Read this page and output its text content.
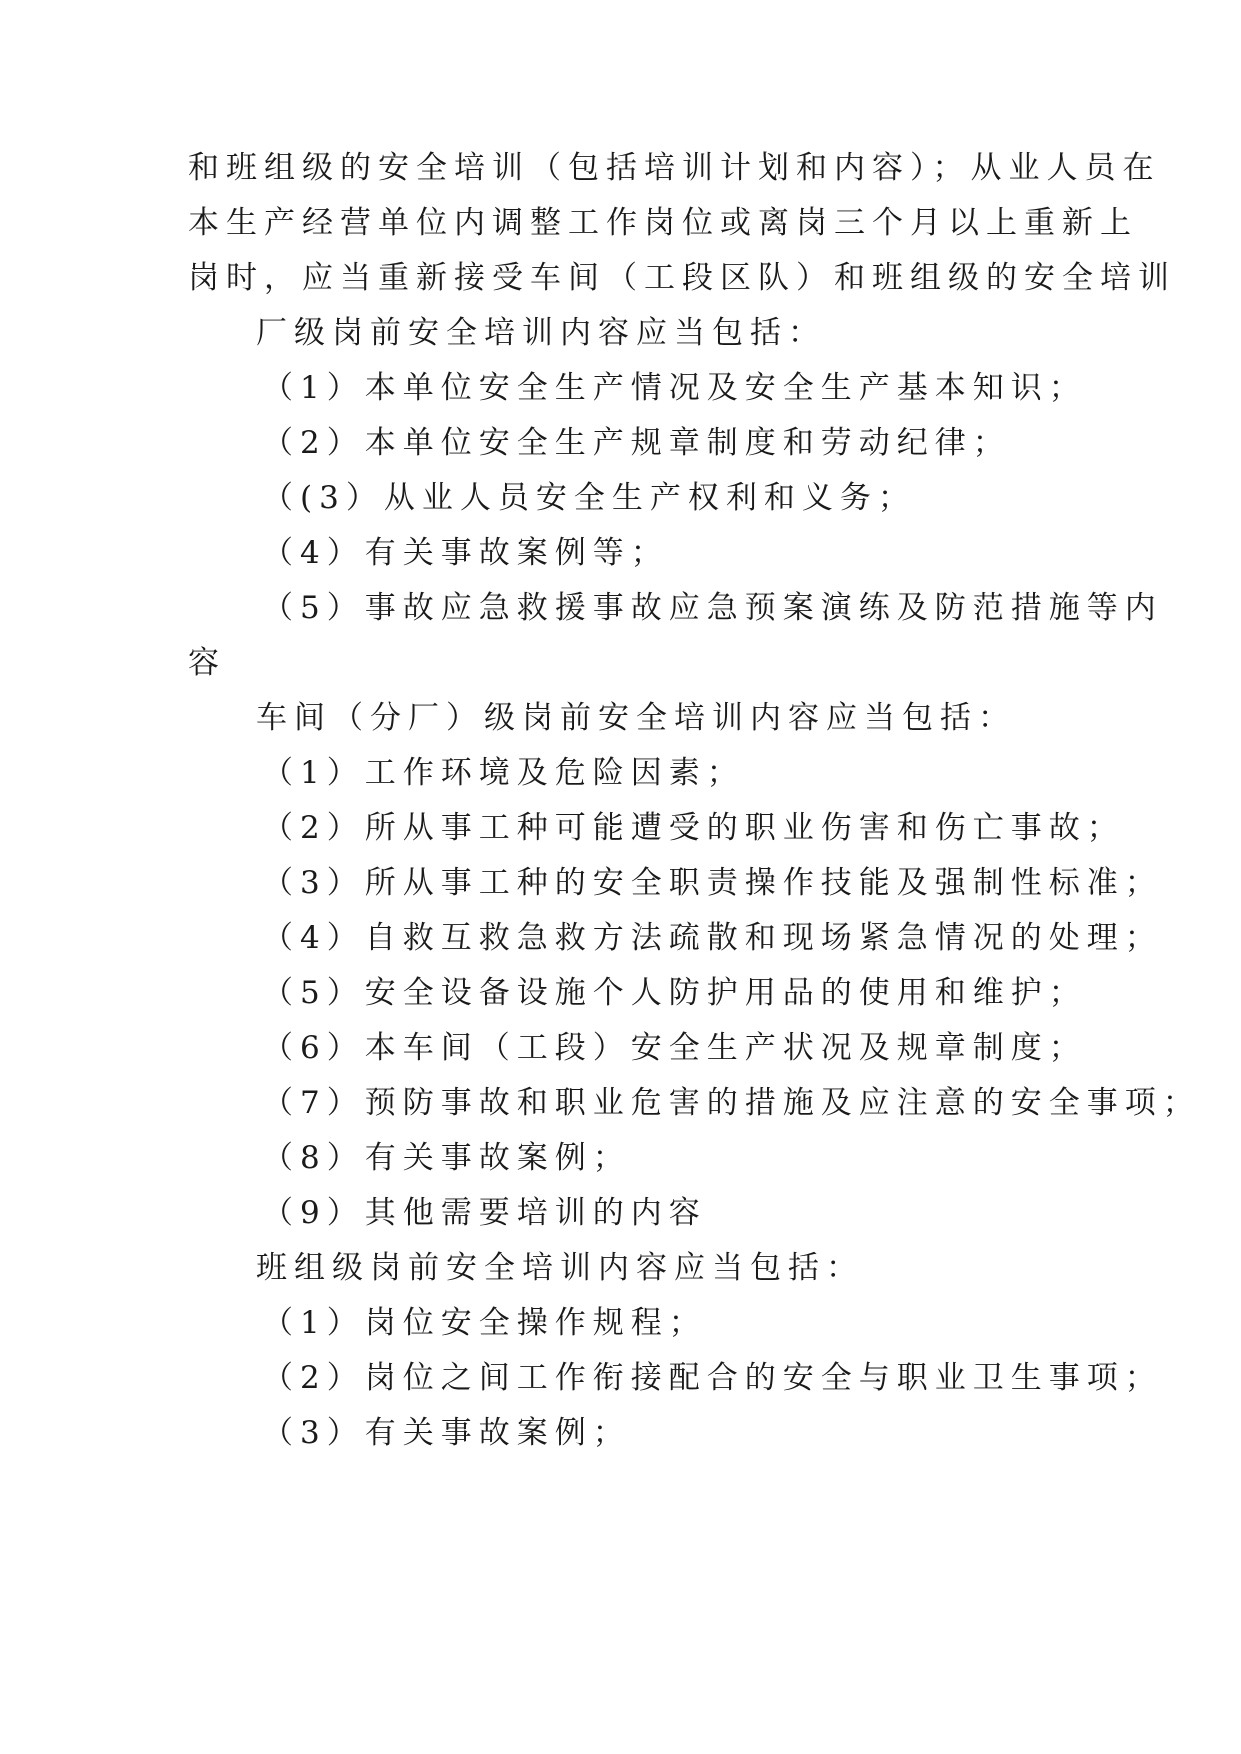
和班组级的安全培训（包括培训计划和内容）；从业人员在
本生产经营单位内调整工作岗位或离岗三个月以上重新上
岗时，应当重新接受车间（工段区队）和班组级的安全培训
厂级岗前安全培训内容应当包括：
（1）本单位安全生产情况及安全生产基本知识；
（2）本单位安全生产规章制度和劳动纪律；
（(3）从业人员安全生产权利和义务；
（4）有关事故案例等；
（5）事故应急救援事故应急预案演练及防范措施等内
容
车间（分厂）级岗前安全培训内容应当包括：
（1）工作环境及危险因素；
（2）所从事工种可能遭受的职业伤害和伤亡事故；
（3）所从事工种的安全职责操作技能及强制性标准；
（4）自救互救急救方法疏散和现场紧急情况的处理；
（5）安全设备设施个人防护用品的使用和维护；
（6）本车间（工段）安全生产状况及规章制度；
（7）预防事故和职业危害的措施及应注意的安全事项；
（8）有关事故案例；
（9）其他需要培训的内容
班组级岗前安全培训内容应当包括：
（1）岗位安全操作规程；
（2）岗位之间工作衔接配合的安全与职业卫生事项；
（3）有关事故案例；
